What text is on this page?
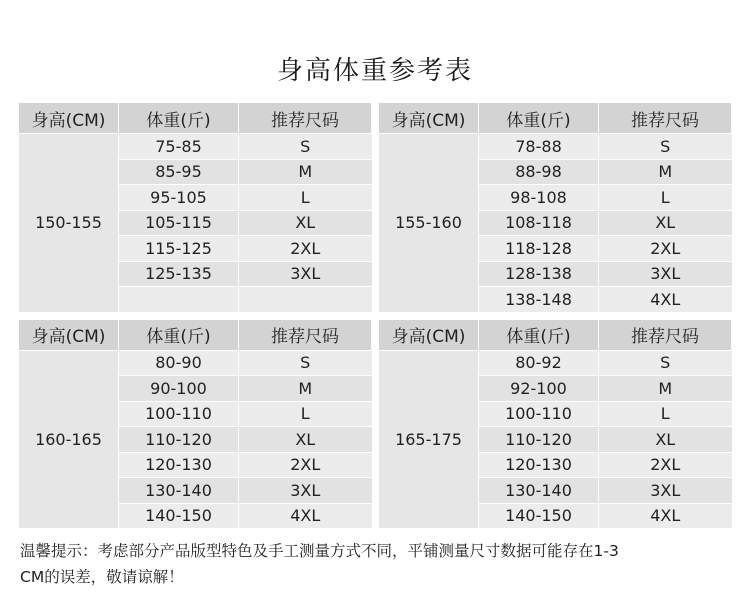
身高体重参考表
身高(CM)	体重(斤)	推荐尺码
150-155	75-85	S
	85-95	M
	95-105	L
	105-115	XL
	115-125	2XL
	125-135	3XL

身高(CM)	体重(斤)	推荐尺码
155-160	78-88	S
	88-98	M
	98-108	L
	108-118	XL
	118-128	2XL
	128-138	3XL
	138-148	4XL
身高(CM)	体重(斤)	推荐尺码
160-165	80-90	S
	90-100	M
	100-110	L
	110-120	XL
	120-130	2XL
	130-140	3XL
	140-150	4XL
身高(CM)	体重(斤)	推荐尺码
165-175	80-92	S
	92-100	M
	100-110	L
	110-120	XL
	120-130	2XL
	130-140	3XL
	140-150	4XL
温馨提示：考虑部分产品版型特色及手工测量方式不同，平铺测量尺寸数据可能存在1-3
CM的误差，敬请谅解！
